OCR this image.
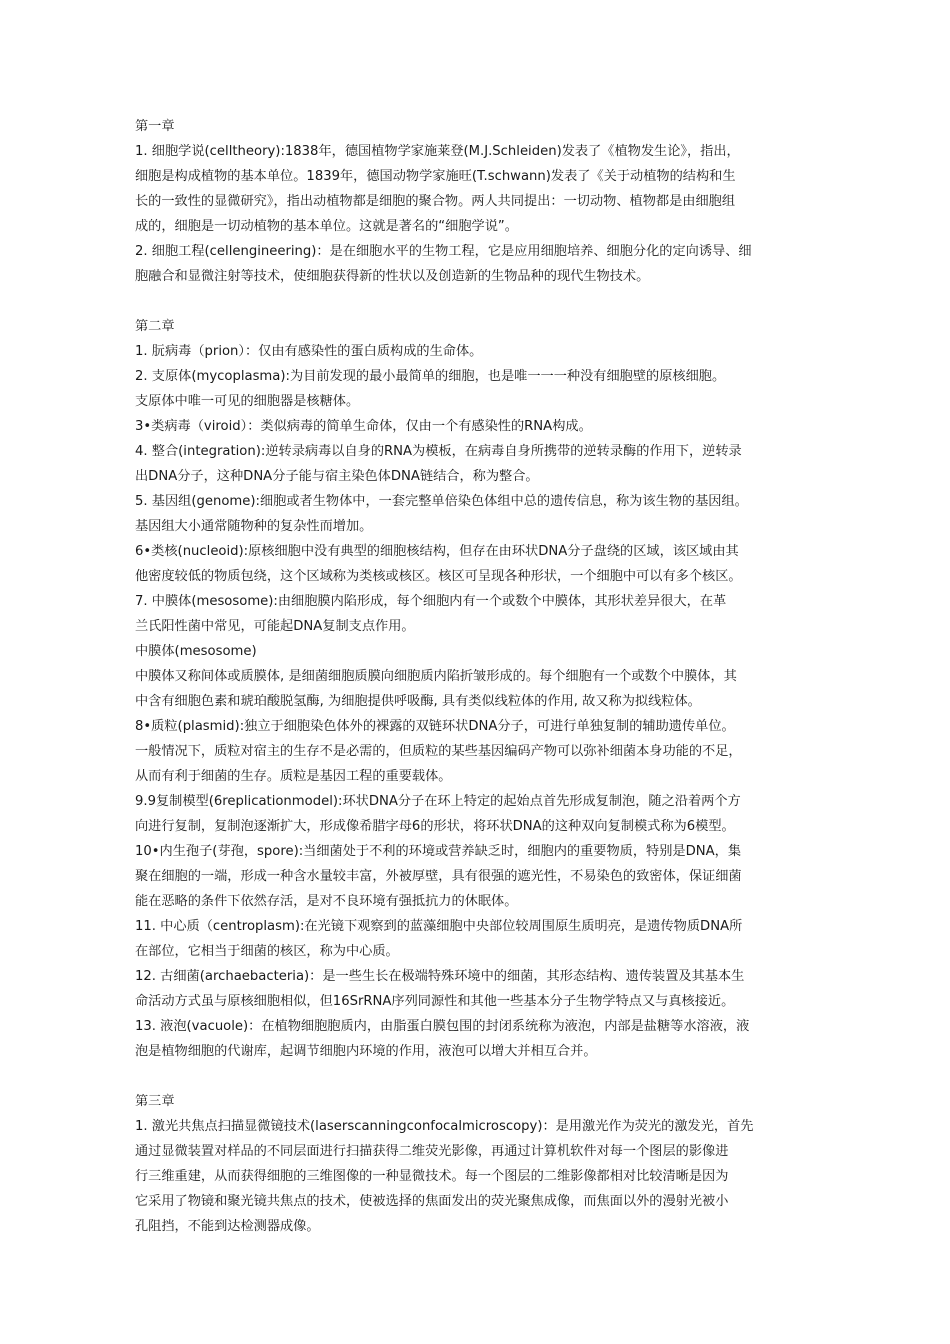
第一章
1. 细胞学说(celltheory):1838年，德国植物学家施莱登(M.J.Schleiden)发表了《植物发生论》，指出，
细胞是构成植物的基本单位。1839年，德国动物学家施旺(T.schwann)发表了《关于动植物的结构和生
长的一致性的显微研究》，指出动植物都是细胞的聚合物。两人共同提出：一切动物、植物都是由细胞组
成的，细胞是一切动植物的基本单位。这就是著名的“细胞学说”。
2. 细胞工程(cellengineering)：是在细胞水平的生物工程，它是应用细胞培养、细胞分化的定向诱导、细
胞融合和显微注射等技术，使细胞获得新的性状以及创造新的生物品种的现代生物技术。
第二章
1. 朊病毒（prion）：仅由有感染性的蛋白质构成的生命体。
2. 支原体(mycoplasma):为目前发现的最小最简单的细胞，也是唯一一一种没有细胞壁的原核细胞。
支原体中唯一可见的细胞器是核糖体。
3•类病毒（viroid）：类似病毒的简单生命体，仅由一个有感染性的RNA构成。
4. 整合(integration):逆转录病毒以自身的RNA为模板，在病毒自身所携带的逆转录酶的作用下，逆转录
出DNA分子，这种DNA分子能与宿主染色体DNA链结合，称为整合。
5. 基因组(genome):细胞或者生物体中，一套完整单倍染色体组中总的遗传信息，称为该生物的基因组。
基因组大小通常随物种的复杂性而增加。
6•类核(nucleoid):原核细胞中没有典型的细胞核结构，但存在由环状DNA分子盘绕的区域，该区域由其
他密度较低的物质包绕，这个区域称为类核或核区。核区可呈现各种形状，一个细胞中可以有多个核区。
7. 中膜体(mesosome):由细胞膜内陷形成，每个细胞内有一个或数个中膜体，其形状差异很大，在革
兰氏阳性菌中常见，可能起DNA复制支点作用。
中膜体(mesosome)
中膜体又称间体或质膜体, 是细菌细胞质膜向细胞质内陷折皱形成的。每个细胞有一个或数个中膜体，其
中含有细胞色素和琥珀酸脱氢酶, 为细胞提供呼吸酶, 具有类似线粒体的作用, 故又称为拟线粒体。
8•质粒(plasmid):独立于细胞染色体外的裸露的双链环状DNA分子，可进行单独复制的辅助遗传单位。
一般情况下，质粒对宿主的生存不是必需的，但质粒的某些基因编码产物可以弥补细菌本身功能的不足，
从而有利于细菌的生存。质粒是基因工程的重要载体。
9.9复制模型(6replicationmodel):环状DNA分子在环上特定的起始点首先形成复制泡，随之沿着两个方
向进行复制，复制泡逐渐扩大，形成像希腊字母6的形状，将环状DNA的这种双向复制模式称为6模型。
10•内生孢子(芽孢，spore):当细菌处于不利的环境或营养缺乏时，细胞内的重要物质，特别是DNA，集
聚在细胞的一端，形成一种含水量较丰富，外被厚壁，具有很强的遮光性，不易染色的致密体，保证细菌
能在恶略的条件下依然存活，是对不良环境有强抵抗力的休眠体。
11. 中心质（centroplasm):在光镜下观察到的蓝藻细胞中央部位较周围原生质明亮，是遗传物质DNA所
在部位，它相当于细菌的核区，称为中心质。
12. 古细菌(archaebacteria)：是一些生长在极端特殊环境中的细菌，其形态结构、遗传装置及其基本生
命活动方式虽与原核细胞相似，但16SrRNA序列同源性和其他一些基本分子生物学特点又与真核接近。
13. 液泡(vacuole)：在植物细胞胞质内，由脂蛋白膜包围的封闭系统称为液泡，内部是盐糖等水溶液，液
泡是植物细胞的代谢库，起调节细胞内环境的作用，液泡可以增大并相互合并。
第三章
1. 激光共焦点扫描显微镜技术(laserscanningconfocalmicroscopy)：是用激光作为荧光的激发光，首先
通过显微装置对样品的不同层面进行扫描获得二维荧光影像，再通过计算机软件对每一个图层的影像进
行三维重建，从而获得细胞的三维图像的一种显微技术。每一个图层的二维影像都相对比较清晰是因为
它采用了物镜和聚光镜共焦点的技术，使被选择的焦面发出的荧光聚焦成像，而焦面以外的漫射光被小
孔阻挡，不能到达检测器成像。
